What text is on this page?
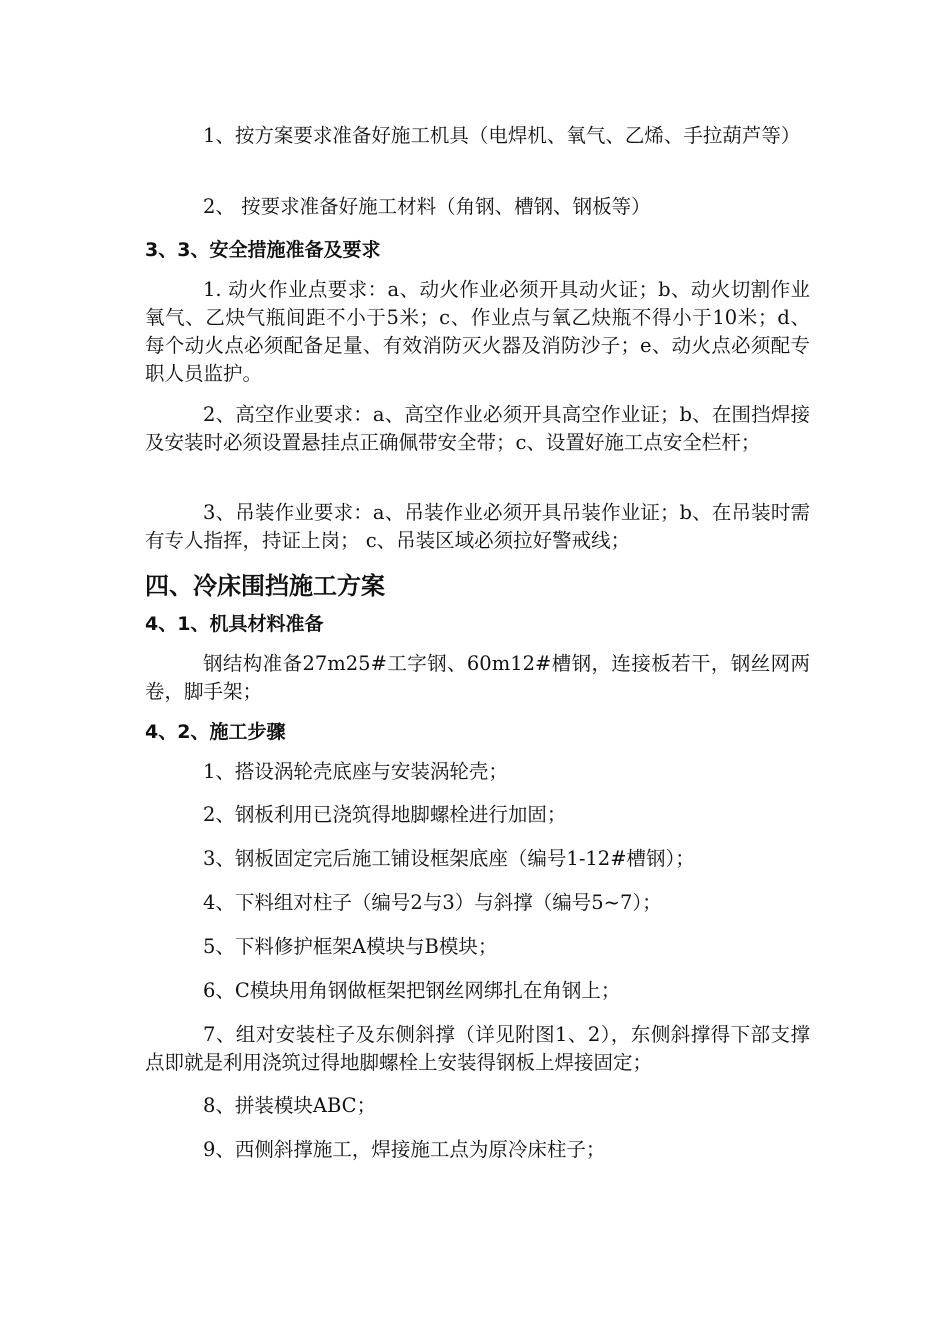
1、按方案要求准备好施工机具（电焊机、氧气、乙烯、手拉葫芦等）

2、 按要求准备好施工材料（角钢、槽钢、钢板等）

3、3、安全措施准备及要求

1. 动火作业点要求：a、动火作业必须开具动火证；b、动火切割作业氧气、乙炔气瓶间距不小于5米；c、作业点与氧乙炔瓶不得小于10米；d、每个动火点必须配备足量、有效消防灭火器及消防沙子；e、动火点必须配专职人员监护。

2、高空作业要求：a、高空作业必须开具高空作业证；b、在围挡焊接及安装时必须设置悬挂点正确佩带安全带；c、设置好施工点安全栏杆；

3、吊装作业要求：a、吊装作业必须开具吊装作业证；b、在吊装时需有专人指挥，持证上岗； c、吊装区域必须拉好警戒线；

四、冷床围挡施工方案

4、1、机具材料准备

钢结构准备27m25#工字钢、60m12#槽钢，连接板若干，钢丝网两卷，脚手架；

4、2、施工步骤

1、搭设涡轮壳底座与安装涡轮壳；

2、钢板利用已浇筑得地脚螺栓进行加固；

3、钢板固定完后施工铺设框架底座（编号1-12#槽钢）；

4、下料组对柱子（编号2与3）与斜撑（编号5~7）；

5、下料修护框架A模块与B模块；

6、C模块用角钢做框架把钢丝网绑扎在角钢上；

7、组对安装柱子及东侧斜撑（详见附图1、2），东侧斜撑得下部支撑点即就是利用浇筑过得地脚螺栓上安装得钢板上焊接固定；

8、拼装模块ABC；

9、西侧斜撑施工，焊接施工点为原冷床柱子；
